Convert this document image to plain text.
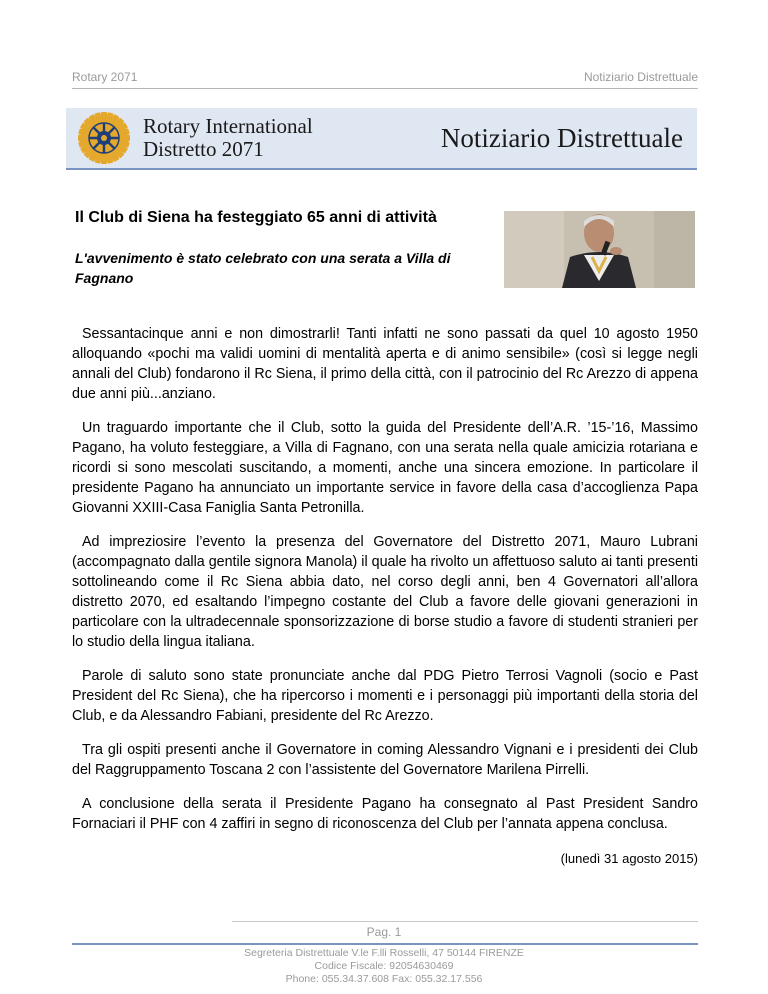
Rotary 2071	Notiziario Distrettuale
Rotary International
Distretto 2071	Notiziario Distrettuale
Il Club di Siena ha festeggiato 65 anni di attività
L'avvenimento è stato celebrato con una serata a Villa di Fagnano

Sessantacinque anni e non dimostrarli! Tanti infatti ne sono passati da quel 10 agosto 1950 alloquando «pochi ma validi uomini di mentalità aperta e di animo sensibile» (così si legge negli annali del Club) fondarono il Rc Siena, il primo della città, con il patrocinio del Rc Arezzo di appena due anni più...anziano.

Un traguardo importante che il Club, sotto la guida del Presidente dell’A.R. ’15-’16, Massimo Pagano, ha voluto festeggiare, a Villa di Fagnano, con una serata nella quale amicizia rotariana e ricordi si sono mescolati suscitando, a momenti, anche una sincera emozione. In particolare il presidente Pagano ha annunciato un importante service in favore della casa d’accoglienza Papa Giovanni XXIII-Casa Faniglia Santa Petronilla.

Ad impreziosire l’evento la presenza del Governatore del Distretto 2071, Mauro Lubrani (accompagnato dalla gentile signora Manola) il quale ha rivolto un affettuoso saluto ai tanti presenti sottolineando come il Rc Siena abbia dato, nel corso degli anni, ben 4 Governatori all’allora distretto 2070, ed esaltando l’impegno costante del Club a favore delle giovani generazioni in particolare con la ultradecennale sponsorizzazione di borse studio a favore di studenti stranieri per lo studio della lingua italiana.

Parole di saluto sono state pronunciate anche dal PDG Pietro Terrosi Vagnoli (socio e Past President del Rc Siena), che ha ripercorso i momenti e i personaggi più importanti della storia del Club, e da Alessandro Fabiani, presidente del Rc Arezzo.

Tra gli ospiti presenti anche il Governatore in coming Alessandro Vignani e i presidenti dei Club del Raggruppamento Toscana 2 con l’assistente del Governatore Marilena Pirrelli.

A conclusione della serata il Presidente Pagano ha consegnato al Past President Sandro Fornaciari il PHF con 4 zaffiri in segno di riconoscenza del Club per l’annata appena conclusa.

(lunedì 31 agosto 2015)
Pag. 1
Segreteria Distrettuale V.le F.lli Rosselli, 47 50144 FIRENZE
Codice Fiscale: 92054630469
Phone: 055.34.37.608 Fax: 055.32.17.556
